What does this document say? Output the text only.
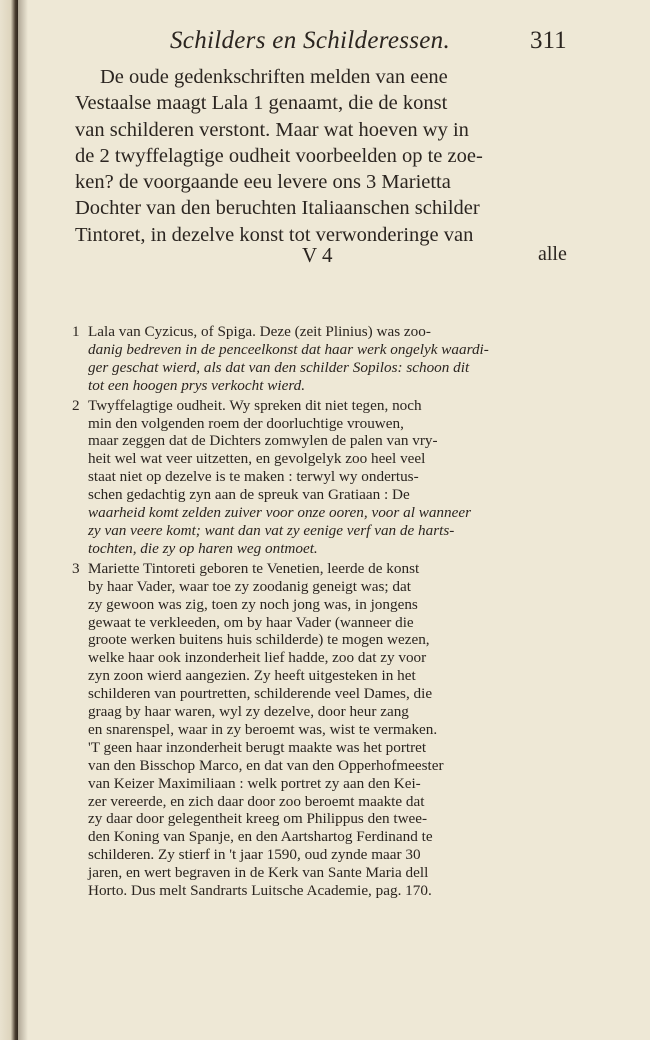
Schilders en Schilderessen.	311
De oude gedenkschriften melden van eene
Vestaalse maagt Lala 1 genaamt, die de konst
van schilderen verstont. Maar wat hoeven wy in
de 2 twyffelagtige oudheit voorbeelden op te zoe-
ken? de voorgaande eeu levere ons 3 Marietta
Dochter van den beruchten Italiaanschen schilder
Tintoret, in dezelve konst tot verwonderinge van
V 4	alle
1 Lala van Cyzicus, of Spiga. Deze (zeit Plinius) was zoo-
danig bedreven in de penceelkonst dat haar werk ongelyk waardi-
ger geschat wierd, als dat van den schilder Sopilos: schoon dit
tot een hoogen prys verkocht wierd.
2 Twyffelagtige oudheit. Wy spreken dit niet tegen, noch
min den volgenden roem der doorluchtige vrouwen,
maar zeggen dat de Dichters zomwylen de palen van vry-
heit wel wat veer uitzetten, en gevolgelyk zoo heel veel
staat niet op dezelve is te maken : terwyl wy ondertus-
schen gedachtig zyn aan de spreuk van Gratiaan : De
waarheid komt zelden zuiver voor onze ooren, voor al wanneer
zy van veere komt; want dan vat zy eenige verf van de harts-
tochten, die zy op haren weg ontmoet.
3 Mariette Tintoreti geboren te Venetien, leerde de konst
by haar Vader, waar toe zy zoodanig geneigt was; dat
zy gewoon was zig, toen zy noch jong was, in jongens
gewaat te verkleeden, om by haar Vader (wanneer die
groote werken buitens huis schilderde) te mogen wezen,
welke haar ook inzonderheit lief hadde, zoo dat zy voor
zyn zoon wierd aangezien. Zy heeft uitgesteken in het
schilderen van pourtretten, schilderende veel Dames, die
graag by haar waren, wyl zy dezelve, door heur zang
en snarenspel, waar in zy beroemt was, wist te vermaken.
'T geen haar inzonderheit berugt maakte was het portret
van den Bisschop Marco, en dat van den Opperhofmeester
van Keizer Maximiliaan : welk portret zy aan den Kei-
zer vereerde, en zich daar door zoo beroemt maakte dat
zy daar door gelegentheit kreeg om Philippus den twee-
den Koning van Spanje, en den Aartshartog Ferdinand te
schilderen. Zy stierf in 't jaar 1590, oud zynde maar 30
jaren, en wert begraven in de Kerk van Sante Maria dell
Horto. Dus melt Sandrarts Luitsche Academie, pag. 170.
